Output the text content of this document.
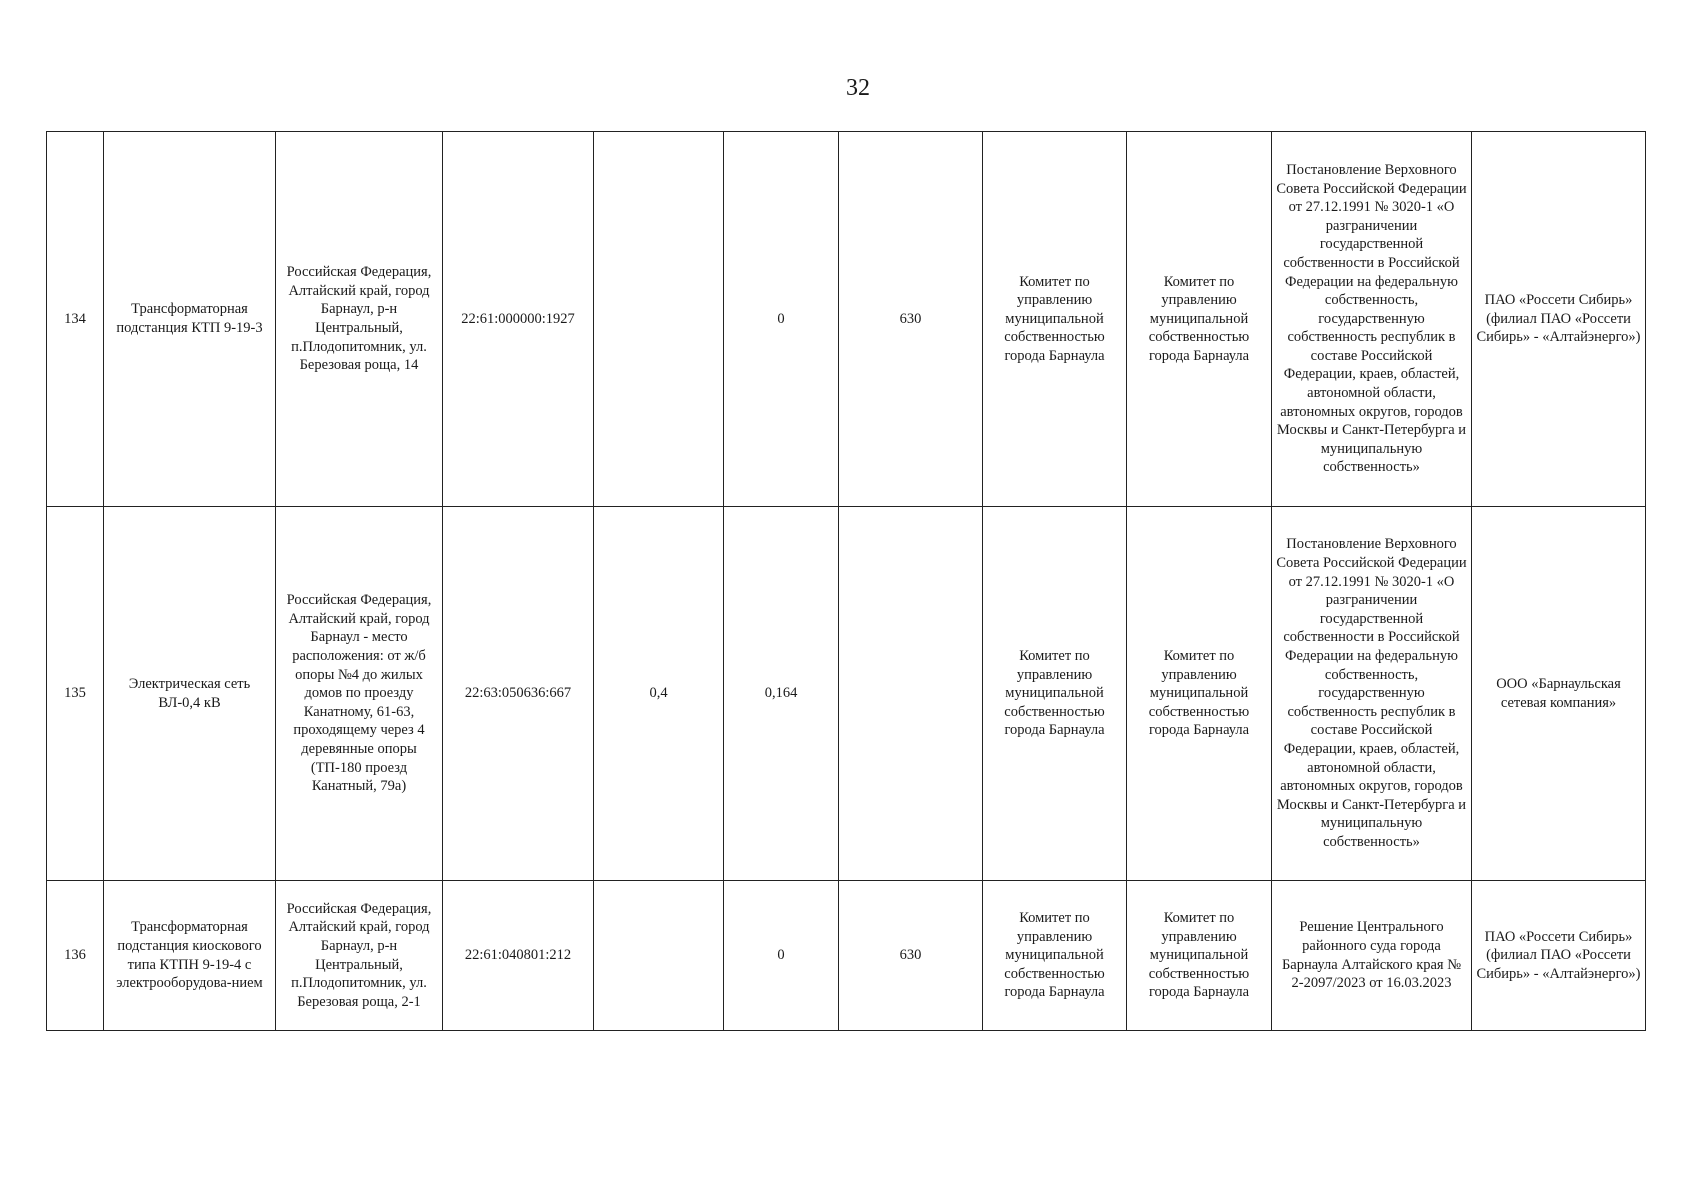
32
134	Трансформаторная подстанция КТП 9-19-3	Российская Федерация, Алтайский край, город Барнаул, р-н Центральный, п.Плодопитомник, ул. Березовая роща, 14	22:61:000000:1927		0	630	Комитет по управлению муниципальной собственностью города Барнаула	Комитет по управлению муниципальной собственностью города Барнаула	Постановление Верховного Совета Российской Федерации от 27.12.1991 № 3020-1 «О разграничении государственной собственности в Российской Федерации на федеральную собственность, государственную собственность республик в составе Российской Федерации, краев, областей, автономной области, автономных округов, городов Москвы и Санкт-Петербурга и муниципальную собственность»	ПАО «Россети Сибирь» (филиал ПАО «Россети Сибирь» - «Алтайэнерго»)
135	Электрическая сеть ВЛ-0,4 кВ	Российская Федерация, Алтайский край, город Барнаул - место расположения: от ж/б опоры №4 до жилых домов по проезду Канатному, 61-63, проходящему через 4 деревянные опоры (ТП-180 проезд Канатный, 79а)	22:63:050636:667	0,4	0,164		Комитет по управлению муниципальной собственностью города Барнаула	Комитет по управлению муниципальной собственностью города Барнаула	Постановление Верховного Совета Российской Федерации от 27.12.1991 № 3020-1 «О разграничении государственной собственности в Российской Федерации на федеральную собственность, государственную собственность республик в составе Российской Федерации, краев, областей, автономной области, автономных округов, городов Москвы и Санкт-Петербурга и муниципальную собственность»	ООО «Барнаульская сетевая компания»
136	Трансформаторная подстанция киоскового типа КТПН 9-19-4 с электрооборудова-нием	Российская Федерация, Алтайский край, город Барнаул, р-н Центральный, п.Плодопитомник, ул. Березовая роща, 2-1	22:61:040801:212		0	630	Комитет по управлению муниципальной собственностью города Барнаула	Комитет по управлению муниципальной собственностью города Барнаула	Решение Центрального районного суда города Барнаула Алтайского края № 2-2097/2023 от 16.03.2023	ПАО «Россети Сибирь» (филиал ПАО «Россети Сибирь» - «Алтайэнерго»)
